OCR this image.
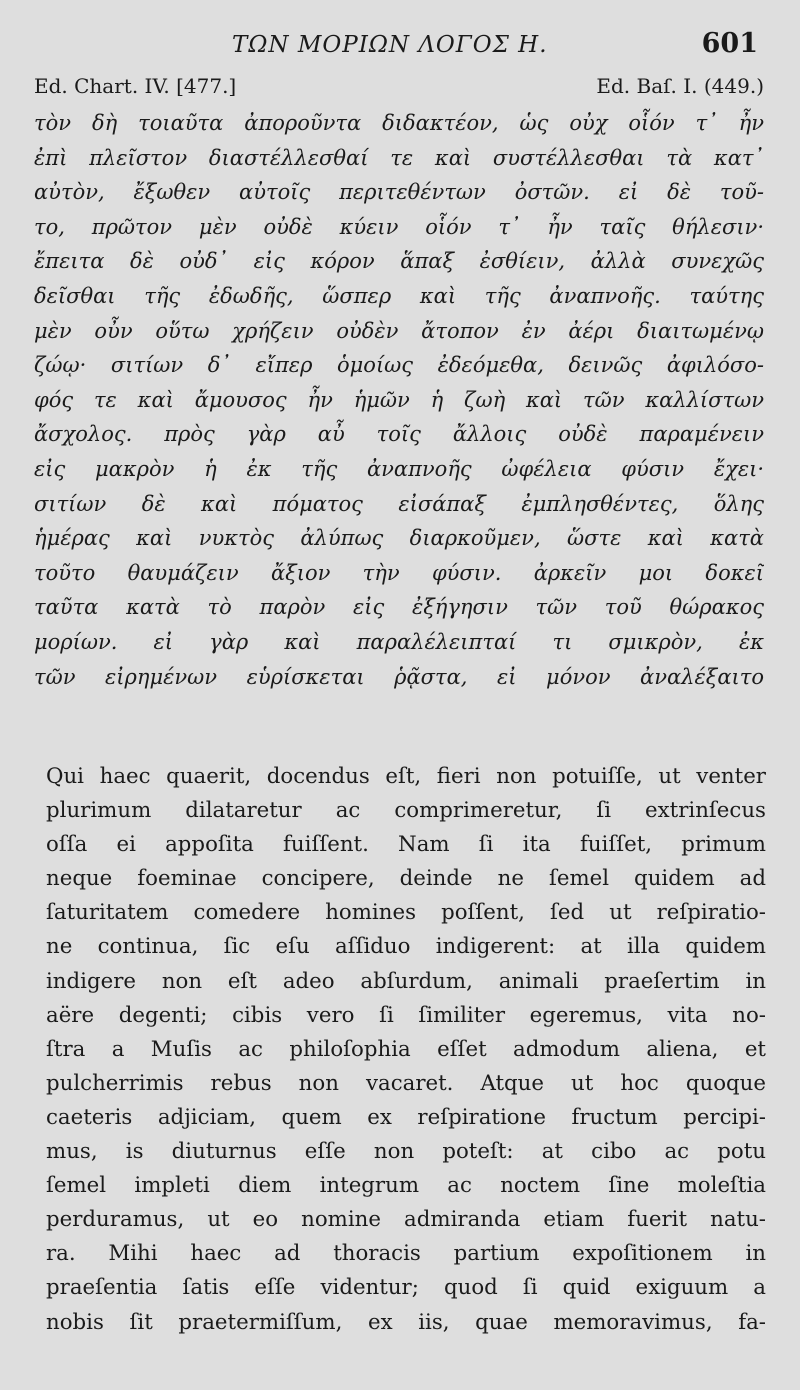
ΤΩΝ ΜΟΡΙΩΝ ΛΟΓΟΣ Η.	601
Ed. Chart. IV. [477.]	Ed. Baſ. I. (449.)
τὸν δὴ τοιαῦτα ἀποροῦντα διδακτέον, ὡς οὐχ οἷόν τ᾽ ἦν
ἐπὶ πλεῖστον διαστέλλεσθαί τε καὶ συστέλλεσθαι τὰ κατ᾽
αὐτὸν, ἔξωθεν αὐτοῖς περιτεθέντων ὀστῶν. εἰ δὲ τοῦ-
το, πρῶτον μὲν οὐδὲ κύειν οἷόν τ᾽ ἦν ταῖς θήλεσιν·
ἔπειτα δὲ οὐδ᾽ εἰς κόρον ἅπαξ ἐσθίειν, ἀλλὰ συνεχῶς
δεῖσθαι τῆς ἐδωδῆς, ὥσπερ καὶ τῆς ἀναπνοῆς. ταύτης
μὲν οὖν οὕτω χρήζειν οὐδὲν ἄτοπον ἐν ἀέρι διαιτωμένῳ
ζώῳ· σιτίων δ᾽ εἴπερ ὁμοίως ἐδεόμεθα, δεινῶς ἀφιλόσο-
φός τε καὶ ἄμουσος ἦν ἡμῶν ἡ ζωὴ καὶ τῶν καλλίστων
ἄσχολος. πρὸς γὰρ αὖ τοῖς ἄλλοις οὐδὲ παραμένειν
εἰς μακρὸν ἡ ἐκ τῆς ἀναπνοῆς ὠφέλεια φύσιν ἔχει·
σιτίων δὲ καὶ πόματος εἰσάπαξ ἐμπλησθέντες, ὅλης
ἡμέρας καὶ νυκτὸς ἀλύπως διαρκοῦμεν, ὥστε καὶ κατὰ
τοῦτο θαυμάζειν ἄξιον τὴν φύσιν. ἀρκεῖν μοι δοκεῖ
ταῦτα κατὰ τὸ παρὸν εἰς ἐξήγησιν τῶν τοῦ θώρακος
μορίων. εἰ γὰρ καὶ παραλέλειπταί τι σμικρὸν, ἐκ
τῶν εἰρημένων εὑρίσκεται ῥᾷστα, εἰ μόνον ἀναλέξαιτο
Qui haec quaerit, docendus eſt, fieri non potuiſſe, ut venter
plurimum dilataretur ac comprimeretur, ſi extrinſecus
oſſa ei appoſita fuiſſent. Nam ſi ita fuiſſet, primum
neque foeminae concipere, deinde ne ſemel quidem ad
ſaturitatem comedere homines poſſent, ſed ut reſpiratio-
ne continua, ſic eſu aſſiduo indigerent: at illa quidem
indigere non eſt adeo abſurdum, animali praeſertim in
aëre degenti; cibis vero ſi ſimiliter egeremus, vita no-
ſtra a Muſis ac philoſophia eſſet admodum aliena, et
pulcherrimis rebus non vacaret. Atque ut hoc quoque
caeteris adjiciam, quem ex reſpiratione fructum percipi-
mus, is diuturnus eſſe non poteſt: at cibo ac potu
ſemel impleti diem integrum ac noctem ſine moleſtia
perduramus, ut eo nomine admiranda etiam fuerit natu-
ra. Mihi haec ad thoracis partium expoſitionem in
praeſentia ſatis eſſe videntur; quod ſi quid exiguum a
nobis ſit praetermiſſum, ex iis, quae memoravimus, fa-
